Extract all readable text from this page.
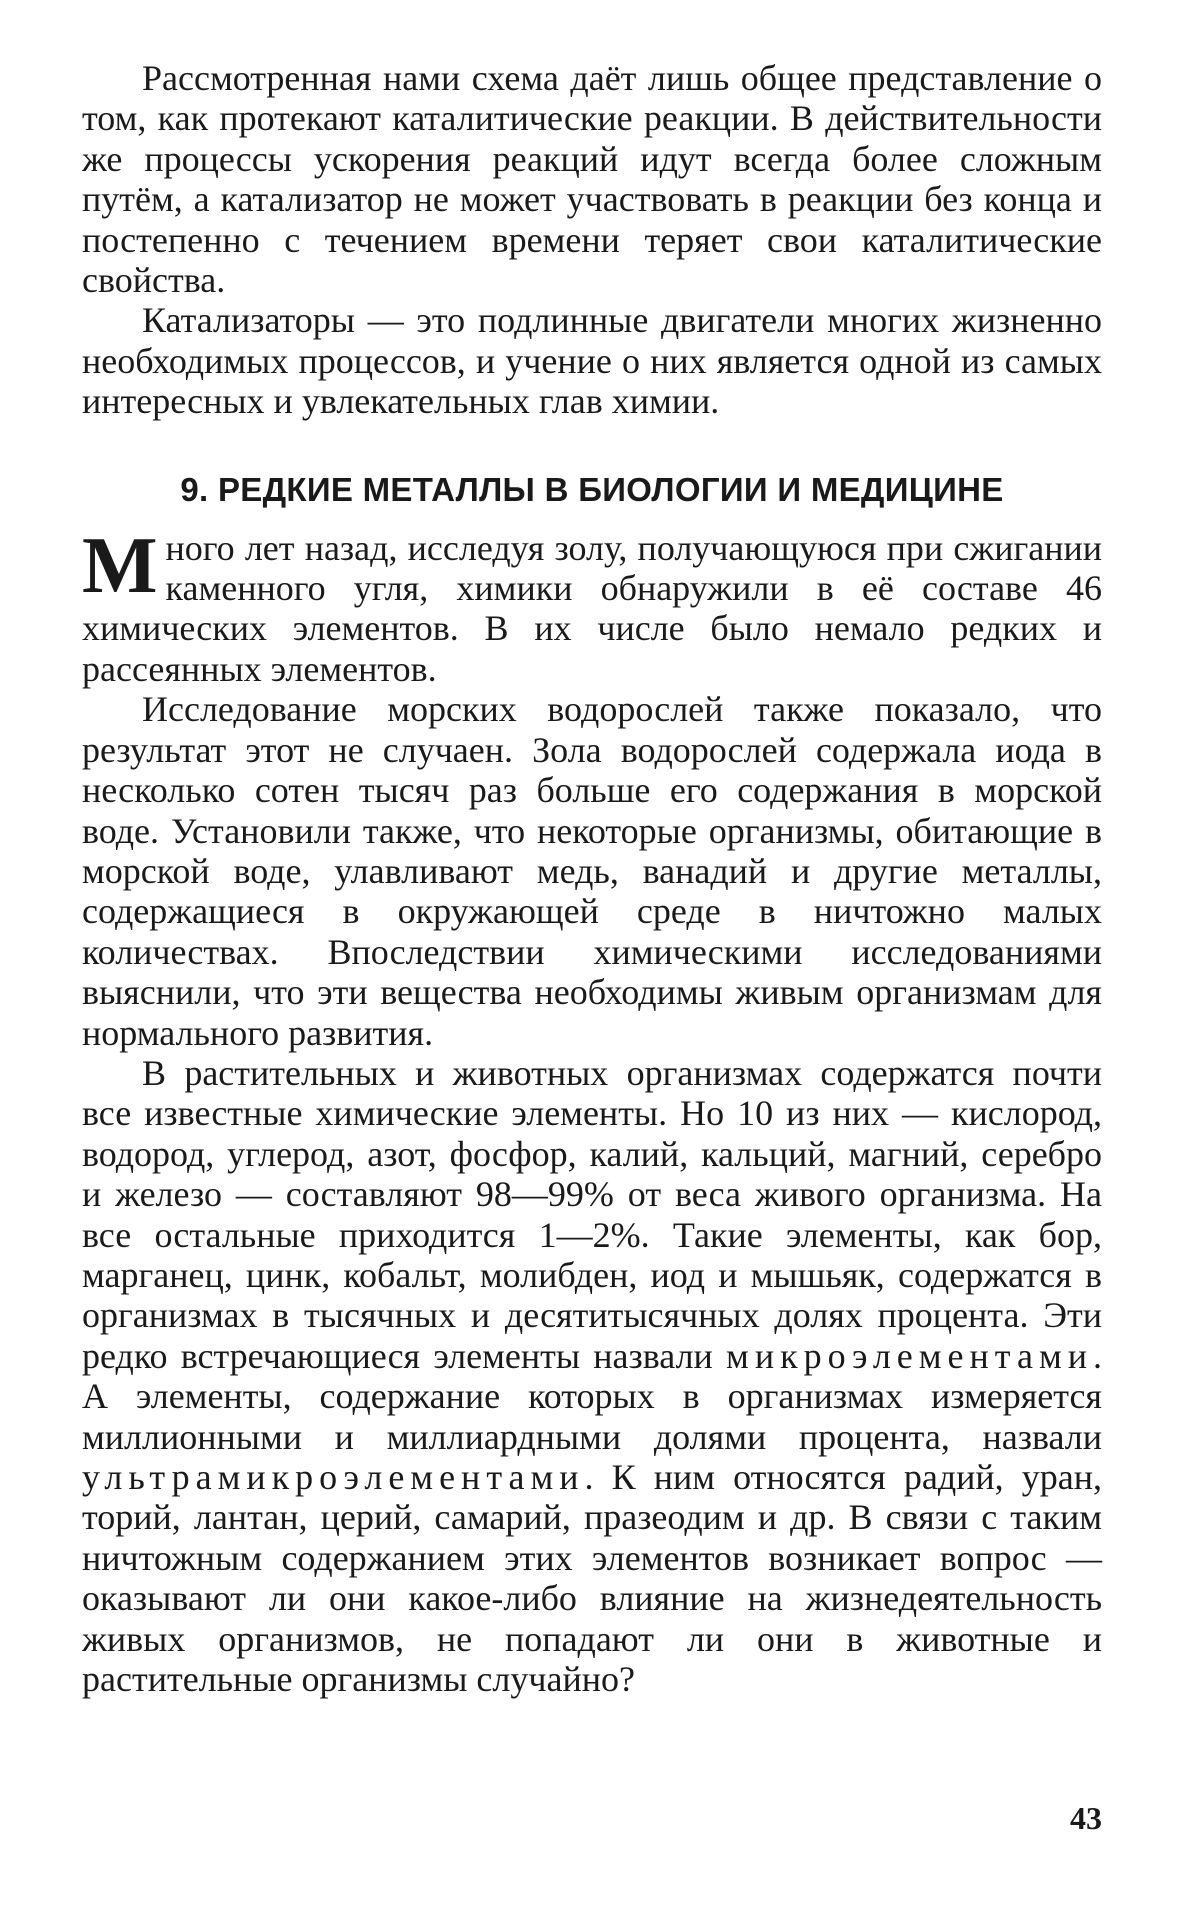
Рассмотренная нами схема даёт лишь общее представление о том, как протекают каталитические реакции. В действительности же процессы ускорения реакций идут всегда более сложным путём, а катализатор не может участвовать в реакции без конца и постепенно с течением времени теряет свои каталитические свойства.

Катализаторы — это подлинные двигатели многих жизненно необходимых процессов, и учение о них является одной из самых интересных и увлекательных глав химии.

9. РЕДКИЕ МЕТАЛЛЫ В БИОЛОГИИ И МЕДИЦИНЕ

Много лет назад, исследуя золу, получающуюся при сжигании каменного угля, химики обнаружили в её составе 46 химических элементов. В их числе было немало редких и рассеянных элементов.

Исследование морских водорослей также показало, что результат этот не случаен. Зола водорослей содержала иода в несколько сотен тысяч раз больше его содержания в морской воде. Установили также, что некоторые организмы, обитающие в морской воде, улавливают медь, ванадий и другие металлы, содержащиеся в окружающей среде в ничтожно малых количествах. Впоследствии химическими исследованиями выяснили, что эти вещества необходимы живым организмам для нормального развития.

В растительных и животных организмах содержатся почти все известные химические элементы. Но 10 из них — кислород, водород, углерод, азот, фосфор, калий, кальций, магний, серебро и железо — составляют 98—99% от веса живого организма. На все остальные приходится 1—2%. Такие элементы, как бор, марганец, цинк, кобальт, молибден, иод и мышьяк, содержатся в организмах в тысячных и десятитысячных долях процента. Эти редко встречающиеся элементы назвали микроэлементами. А элементы, содержание которых в организмах измеряется миллионными и миллиардными долями процента, назвали ультрамикроэлементами. К ним относятся радий, уран, торий, лантан, церий, самарий, празеодим и др. В связи с таким ничтожным содержанием этих элементов возникает вопрос — оказывают ли они какое-либо влияние на жизнедеятельность живых организмов, не попадают ли они в животные и растительные организмы случайно?

43
